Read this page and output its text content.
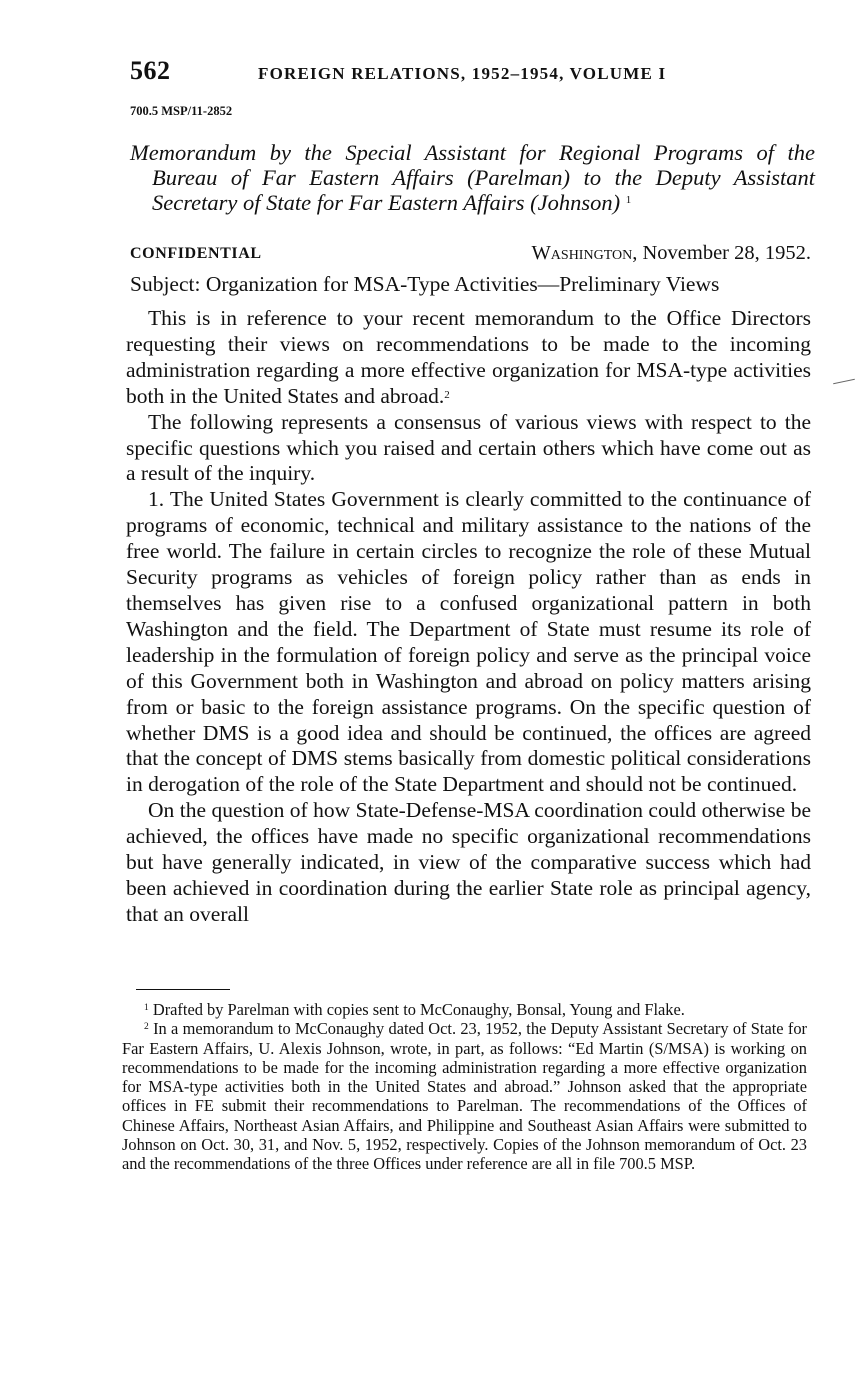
562	FOREIGN RELATIONS, 1952–1954, VOLUME I
700.5 MSP/11-2852
Memorandum by the Special Assistant for Regional Programs of the Bureau of Far Eastern Affairs (Parelman) to the Deputy Assistant Secretary of State for Far Eastern Affairs (Johnson) $^1$
CONFIDENTIAL	Washington, November 28, 1952.
Subject: Organization for MSA-Type Activities—Preliminary Views

This is in reference to your recent memorandum to the Office Directors requesting their views on recommendations to be made to the incoming administration regarding a more effective organization for MSA-type activities both in the United States and abroad.$^2$

The following represents a consensus of various views with respect to the specific questions which you raised and certain others which have come out as a result of the inquiry.

1. The United States Government is clearly committed to the continuance of programs of economic, technical and military assistance to the nations of the free world. The failure in certain circles to recognize the role of these Mutual Security programs as vehicles of foreign policy rather than as ends in themselves has given rise to a confused organizational pattern in both Washington and the field. The Department of State must resume its role of leadership in the formulation of foreign policy and serve as the principal voice of this Government both in Washington and abroad on policy matters arising from or basic to the foreign assistance programs. On the specific question of whether DMS is a good idea and should be continued, the offices are agreed that the concept of DMS stems basically from domestic political considerations in derogation of the role of the State Department and should not be continued.

On the question of how State-Defense-MSA coordination could otherwise be achieved, the offices have made no specific organizational recommendations but have generally indicated, in view of the comparative success which had been achieved in coordination during the earlier State role as principal agency, that an overall

$^1$ Drafted by Parelman with copies sent to McConaughy, Bonsal, Young and Flake.

$^2$ In a memorandum to McConaughy dated Oct. 23, 1952, the Deputy Assistant Secretary of State for Far Eastern Affairs, U. Alexis Johnson, wrote, in part, as follows: “Ed Martin (S/MSA) is working on recommendations to be made for the incoming administration regarding a more effective organization for MSA-type activities both in the United States and abroad.” Johnson asked that the appropriate offices in FE submit their recommendations to Parelman. The recommendations of the Offices of Chinese Affairs, Northeast Asian Affairs, and Philippine and Southeast Asian Affairs were submitted to Johnson on Oct. 30, 31, and Nov. 5, 1952, respectively. Copies of the Johnson memorandum of Oct. 23 and the recommendations of the three Offices under reference are all in file 700.5 MSP.
